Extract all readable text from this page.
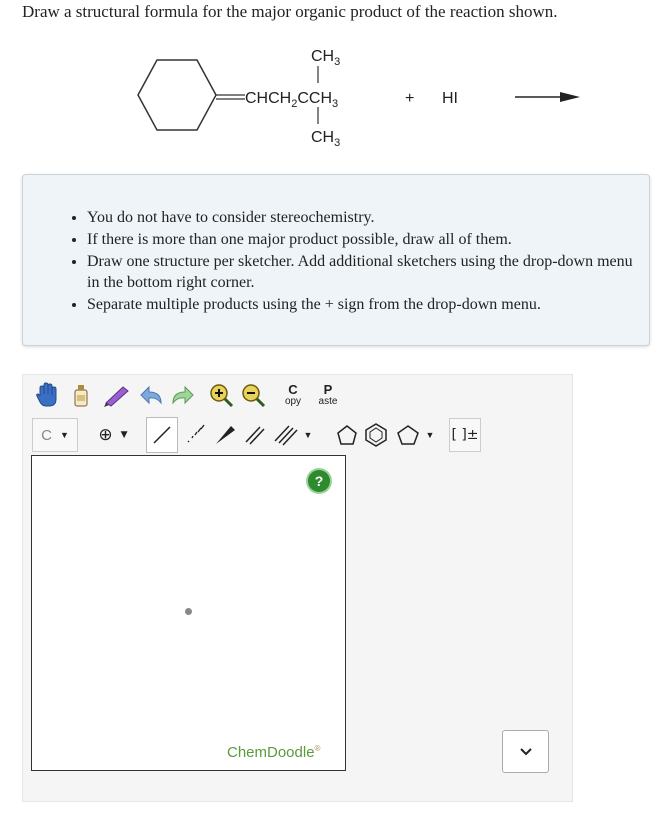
Draw a structural formula for the major organic product of the reaction shown.
$CHCH_2CCH_3$
$CH_3$
$CH_3$
+ HI
• You do not have to consider stereochemistry.
• If there is more than one major product possible, draw all of them.
• Draw one structure per sketcher. Add additional sketchers using the drop-down menu in the bottom right corner.
• Separate multiple products using the + sign from the drop-down menu.
C
opy
P
aste
C ▼ ⊕ ▼	▼	▼ [ ]±
?
ChemDoodle®
